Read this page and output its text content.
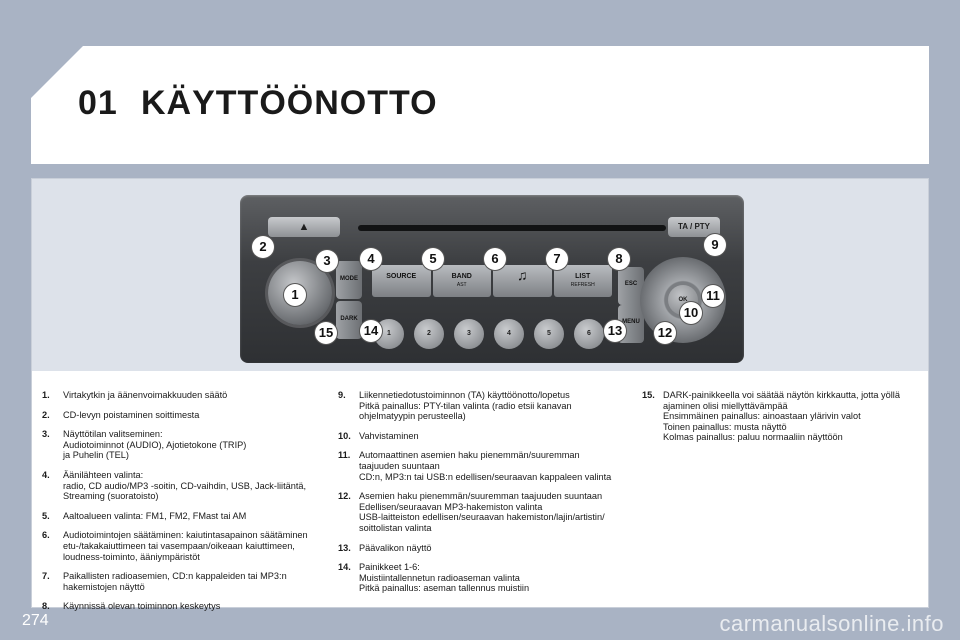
01 KÄYTTÖÖNOTTO
▲	TA / PTY
MODE
DARK
SOURCE	BAND
AST
♫	LIST
REFRESH	ESC
MENU
OK
1	2	3	4	5	6
1
2
3	4	5	6	7	8
9
10
11
12
13
14
15
1.	Virtakytkin ja äänenvoimakkuuden säätö
2.	CD-levyn poistaminen soittimesta
3.	Näyttötilan valitseminen:
Audiotoiminnot (AUDIO), Ajotietokone (TRIP)
ja Puhelin (TEL)
4.	Äänilähteen valinta:
radio, CD audio/MP3 -soitin, CD-vaihdin, USB, Jack-liitäntä,
Streaming (suoratoisto)
5.	Aaltoalueen valinta: FM1, FM2, FMast tai AM
6.	Audiotoimintojen säätäminen: kaiutintasapainon säätäminen
etu-/takakaiuttimeen tai vasempaan/oikeaan kaiuttimeen,
loudness-toiminto, ääniympäristöt
7.	Paikallisten radioasemien, CD:n kappaleiden tai MP3:n
hakemistojen näyttö
8.	Käynnissä olevan toiminnon keskeytys
9.	Liikennetiedotustoiminnon (TA) käyttöönotto/lopetus
Pitkä painallus: PTY-tilan valinta (radio etsii kanavan
ohjelmatyypin perusteella)
10. Vahvistaminen
11. Automaattinen asemien haku pienemmän/suuremman
taajuuden suuntaan
CD:n, MP3:n tai USB:n edellisen/seuraavan kappaleen valinta
12. Asemien haku pienemmän/suuremman taajuuden suuntaan
Edellisen/seuraavan MP3-hakemiston valinta
USB-laitteiston edellisen/seuraavan hakemiston/lajin/artistin/
soittolistan valinta
13. Päävalikon näyttö
14. Painikkeet 1-6:
Muistiintallennetun radioaseman valinta
Pitkä painallus: aseman tallennus muistiin
15. DARK-painikkeella voi säätää näytön kirkkautta, jotta yöllä
ajaminen olisi miellyttävämpää
Ensimmäinen painallus: ainoastaan ylärivin valot
Toinen painallus: musta näyttö
Kolmas painallus: paluu normaaliin näyttöön
274	carmanualsonline.info
